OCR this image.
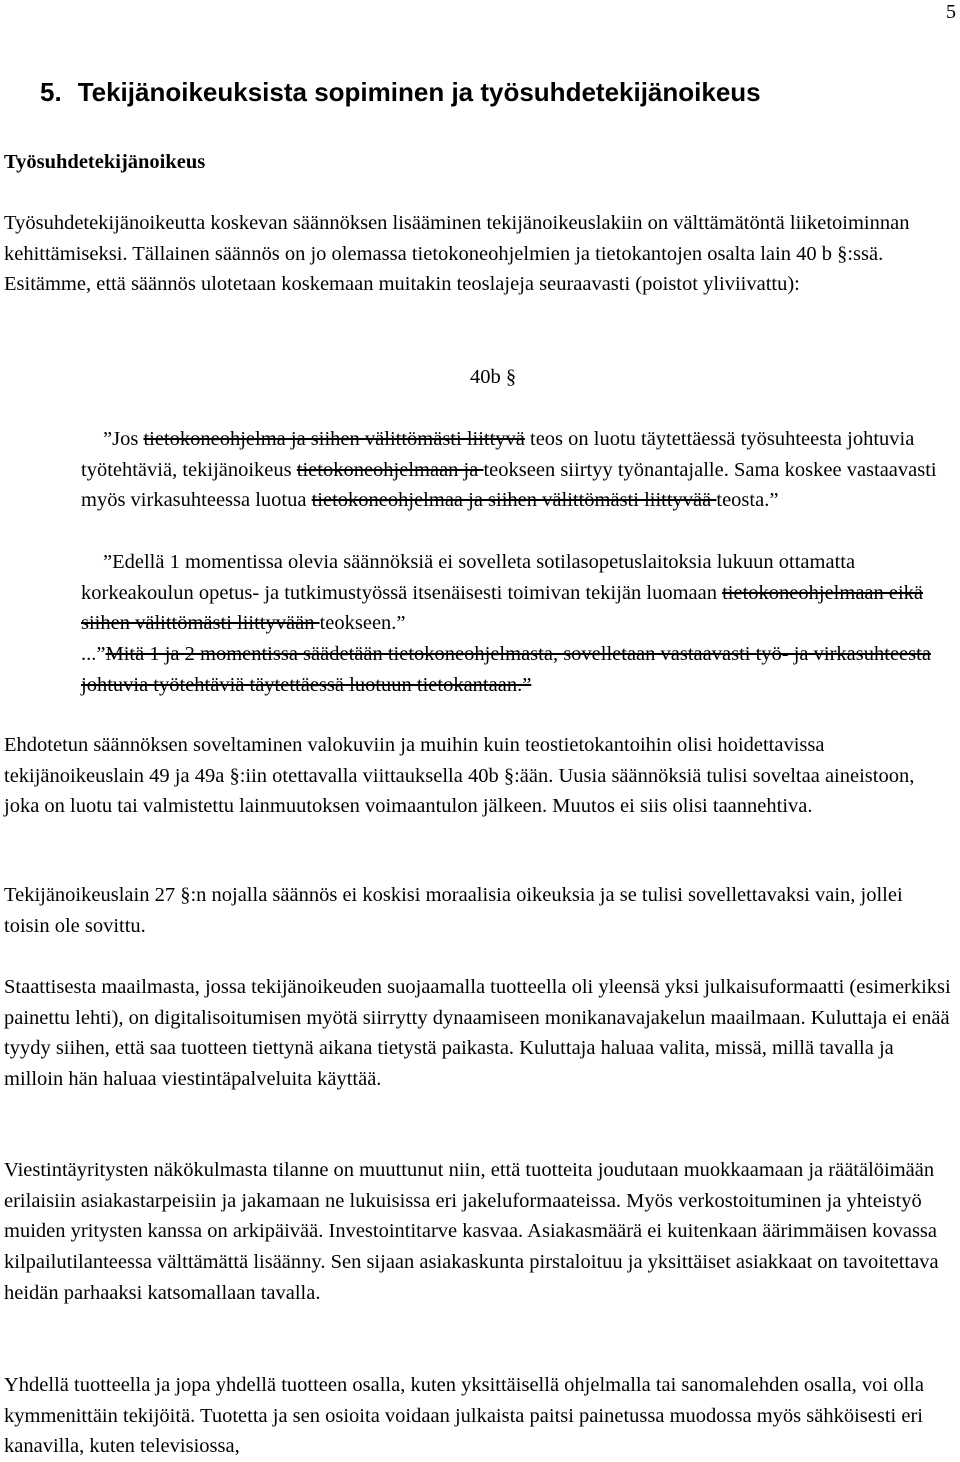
5
5. Tekijänoikeuksista sopiminen ja työsuhdetekijänoikeus
Työsuhdetekijänoikeus

Työsuhdetekijänoikeutta koskevan säännöksen lisääminen tekijänoikeuslakiin on välttämätöntä liiketoiminnan kehittämiseksi. Tällainen säännös on jo olemassa tietokoneohjelmien ja tietokantojen osalta lain 40 b §:ssä. Esitämme, että säännös ulotetaan koskemaan muitakin teoslajeja seuraavasti (poistot yliviivattu):

40b §

”Jos tietokoneohjelma ja siihen välittömästi liittyvä teos on luotu täytettäessä työsuhteesta johtuvia työtehtäviä, tekijänoikeus tietokoneohjelmaan ja teokseen siirtyy työnantajalle. Sama koskee vastaavasti myös virkasuhteessa luotua tietokoneohjelmaa ja siihen välittömästi liittyvää teosta.”

”Edellä 1 momentissa olevia säännöksiä ei sovelleta sotilasopetuslaitoksia lukuun ottamatta korkeakoulun opetus- ja tutkimustyössä itsenäisesti toimivan tekijän luomaan tietokoneohjelmaan eikä siihen välittömästi liittyvään teokseen.”

...”Mitä 1 ja 2 momentissa säädetään tietokoneohjelmasta, sovelletaan vastaavasti työ- ja virkasuhteesta johtuvia työtehtäviä täytettäessä luotuun tietokantaan.”

Ehdotetun säännöksen soveltaminen valokuviin ja muihin kuin teostietokantoihin olisi hoidettavissa tekijänoikeuslain 49 ja 49a §:iin otettavalla viittauksella 40b §:ään. Uusia säännöksiä tulisi soveltaa aineistoon, joka on luotu tai valmistettu lainmuutoksen voimaantulon jälkeen. Muutos ei siis olisi taannehtiva.

Tekijänoikeuslain 27 §:n nojalla säännös ei koskisi moraalisia oikeuksia ja se tulisi sovellettavaksi vain, jollei toisin ole sovittu.

Staattisesta maailmasta, jossa tekijänoikeuden suojaamalla tuotteella oli yleensä yksi julkaisuformaatti (esimerkiksi painettu lehti), on digitalisoitumisen myötä siirrytty dynaamiseen monikanavajakelun maailmaan. Kuluttaja ei enää tyydy siihen, että saa tuotteen tiettynä aikana tietystä paikasta. Kuluttaja haluaa valita, missä, millä tavalla ja milloin hän haluaa viestintäpalveluita käyttää.

Viestintäyritysten näkökulmasta tilanne on muuttunut niin, että tuotteita joudutaan muokkaamaan ja räätälöimään erilaisiin asiakastarpeisiin ja jakamaan ne lukuisissa eri jakeluformaateissa. Myös verkostoituminen ja yhteistyö muiden yritysten kanssa on arkipäivää. Investointitarve kasvaa. Asiakasmäärä ei kuitenkaan äärimmäisen kovassa kilpailutilanteessa välttämättä lisäänny. Sen sijaan asiakaskunta pirstaloituu ja yksittäiset asiakkaat on tavoitettava heidän parhaaksi katsomallaan tavalla.

Yhdellä tuotteella ja jopa yhdellä tuotteen osalla, kuten yksittäisellä ohjelmalla tai sanomalehden osalla, voi olla kymmenittäin tekijöitä. Tuotetta ja sen osioita voidaan julkaista paitsi painetussa muodossa myös sähköisesti eri kanavilla, kuten televisiossa,
